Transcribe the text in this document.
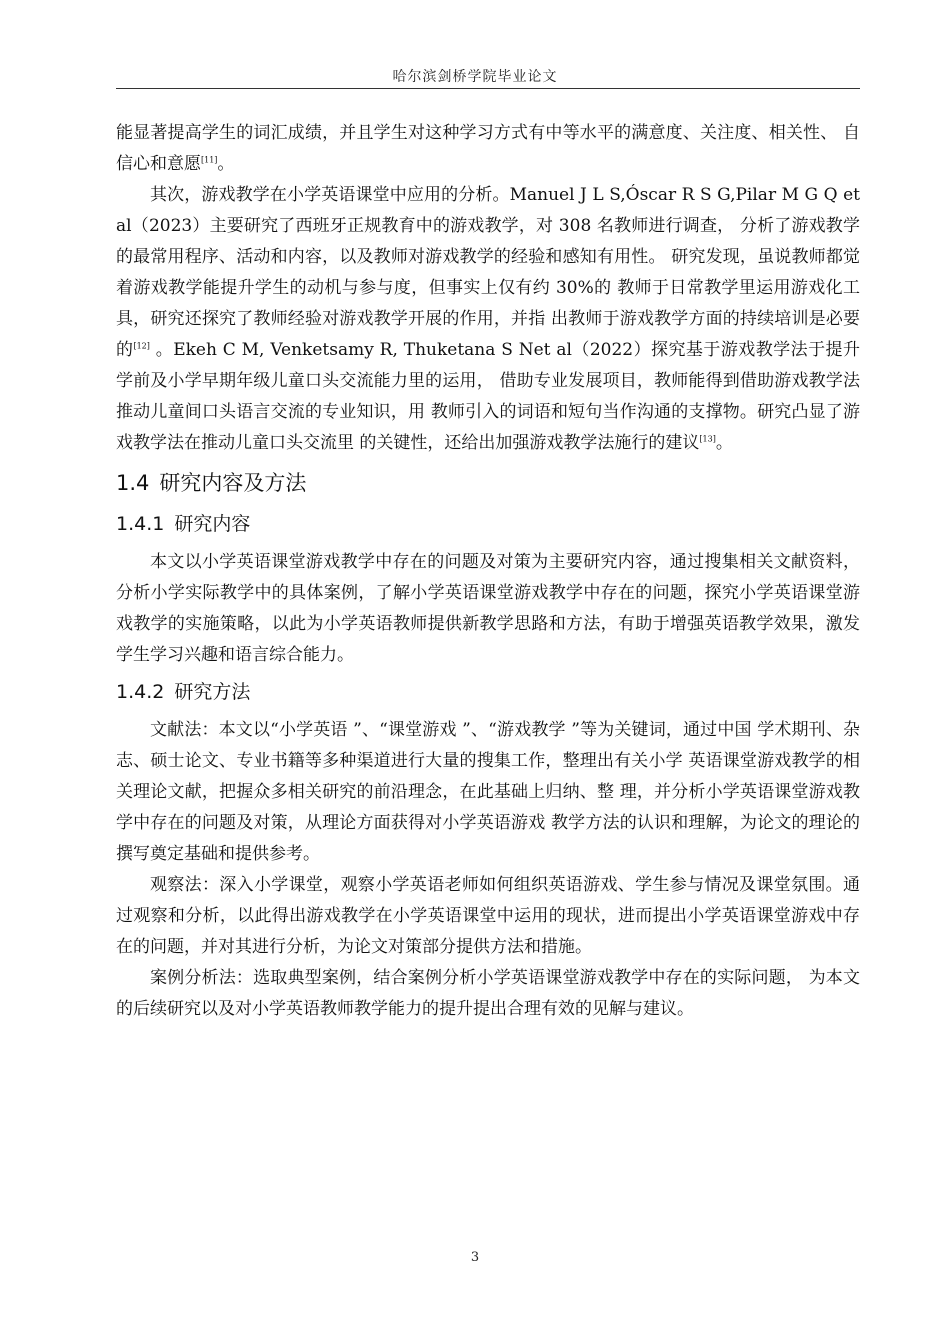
哈尔滨剑桥学院毕业论文

能显著提高学生的词汇成绩，并且学生对这种学习方式有中等水平的满意度、关注度、相关性、 自信心和意愿[11]。

其次，游戏教学在小学英语课堂中应用的分析。Manuel J L S,Óscar R S G,Pilar M G Q et al（2023）主要研究了西班牙正规教育中的游戏教学，对 308 名教师进行调查， 分析了游戏教学的最常用程序、活动和内容，以及教师对游戏教学的经验和感知有用性。 研究发现，虽说教师都觉着游戏教学能提升学生的动机与参与度，但事实上仅有约 30%的 教师于日常教学里运用游戏化工具，研究还探究了教师经验对游戏教学开展的作用，并指 出教师于游戏教学方面的持续培训是必要的[12] 。Ekeh C M, Venketsamy R, Thuketana S Net al（2022）探究基于游戏教学法于提升学前及小学早期年级儿童口头交流能力里的运用， 借助专业发展项目，教师能得到借助游戏教学法推动儿童间口头语言交流的专业知识，用 教师引入的词语和短句当作沟通的支撑物。研究凸显了游戏教学法在推动儿童口头交流里 的关键性，还给出加强游戏教学法施行的建议[13]。

1.4 研究内容及方法
1.4.1 研究内容

本文以小学英语课堂游戏教学中存在的问题及对策为主要研究内容，通过搜集相关文献资料，分析小学实际教学中的具体案例，了解小学英语课堂游戏教学中存在的问题，探究小学英语课堂游戏教学的实施策略，以此为小学英语教师提供新教学思路和方法，有助于增强英语教学效果，激发学生学习兴趣和语言综合能力。

1.4.2 研究方法

文献法：本文以“小学英语 ”、“课堂游戏 ”、“游戏教学 ”等为关键词，通过中国 学术期刊、杂志、硕士论文、专业书籍等多种渠道进行大量的搜集工作，整理出有关小学 英语课堂游戏教学的相关理论文献，把握众多相关研究的前沿理念，在此基础上归纳、整 理，并分析小学英语课堂游戏教学中存在的问题及对策，从理论方面获得对小学英语游戏 教学方法的认识和理解，为论文的理论的撰写奠定基础和提供参考。

观察法：深入小学课堂，观察小学英语老师如何组织英语游戏、学生参与情况及课堂氛围。通过观察和分析，以此得出游戏教学在小学英语课堂中运用的现状，进而提出小学英语课堂游戏中存在的问题，并对其进行分析，为论文对策部分提供方法和措施。

案例分析法：选取典型案例，结合案例分析小学英语课堂游戏教学中存在的实际问题， 为本文的后续研究以及对小学英语教师教学能力的提升提出合理有效的见解与建议。

3
